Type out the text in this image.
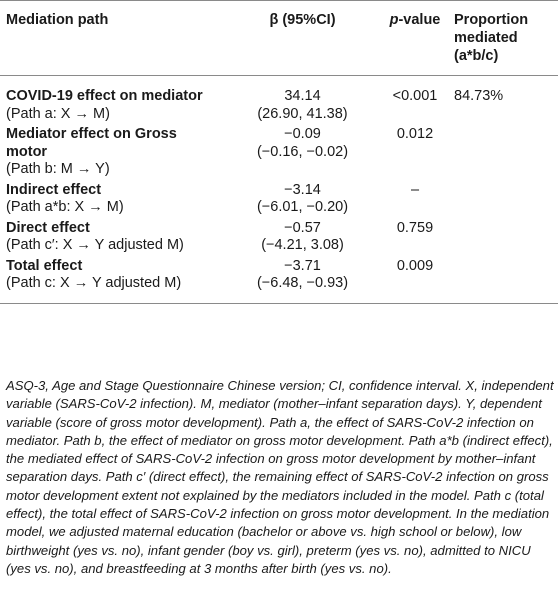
Mediation path	β (95%CI)	p-value	Proportion
mediated
(a*b/c)

COVID-19 effect on mediator
(Path a: X → M)	34.14
(26.90, 41.38)	<0.001	84.73%

Mediator effect on Gross
motor
(Path b: M → Y)	−0.09
(−0.16, −0.02)	0.012	

Indirect effect
(Path a*b: X → M)	−3.14
(−6.01, −0.20)	–	

Direct effect
(Path c′: X → Y adjusted M)	−0.57
(−4.21, 3.08)	0.759	

Total effect
(Path c: X → Y adjusted M)	−3.71
(−6.48, −0.93)	0.009	
ASQ-3, Age and Stage Questionnaire Chinese version; CI, confidence interval. X, independent variable (SARS-CoV-2 infection). M, mediator (mother–infant separation days). Y, dependent variable (score of gross motor development). Path a, the effect of SARS-CoV-2 infection on mediator. Path b, the effect of mediator on gross motor development. Path a*b (indirect effect), the mediated effect of SARS-CoV-2 infection on gross motor development by mother–infant separation days. Path c′ (direct effect), the remaining effect of SARS-CoV-2 infection on gross motor development extent not explained by the mediators included in the model. Path c (total effect), the total effect of SARS-CoV-2 infection on gross motor development. In the mediation model, we adjusted maternal education (bachelor or above vs. high school or below), low birthweight (yes vs. no), infant gender (boy vs. girl), preterm (yes vs. no), admitted to NICU (yes vs. no), and breastfeeding at 3 months after birth (yes vs. no).
